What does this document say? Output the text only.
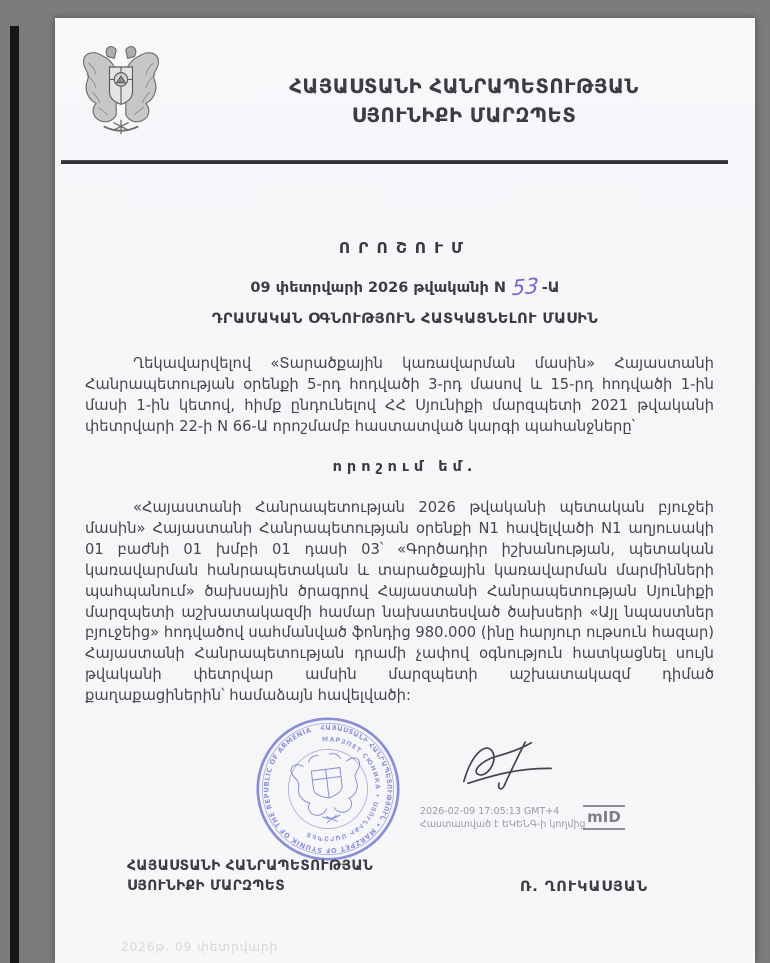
ՀԱՅԱՍՏԱՆԻ ՀԱՆՐԱՊԵՏՈՒԹՅԱՆ
ՍՅՈՒՆԻՔԻ ՄԱՐԶՊԵՏ
ՈՐՈՇՈՒՄ
09 փետրվարի 2026 թվականի N 53 -Ա
ԴՐԱՄԱԿԱՆ ՕԳՆՈՒԹՅՈՒՆ ՀԱՏԿԱՑՆԵԼՈՒ ՄԱՍԻՆ
Ղեկավարվելով «Տարածքային կառավարման մասին» Հայաստանի Հանրապետության օրենքի 5-րդ հոդվածի 3-րդ մասով և 15-րդ հոդվածի 1-ին մասի 1-ին կետով, հիմք ընդունելով ՀՀ Սյունիքի մարզպետի 2021 թվականի փետրվարի 22-ի N 66-Ա որոշմամբ հաստատված կարգի պահանջները՝
որոշում եմ.
«Հայաստանի Հանրապետության 2026 թվականի պետական բյուջեի մասին» Հայաստանի Հանրապետության օրենքի N1 հավելվածի N1 աղյուսակի 01 բաժնի 01 խմբի 01 դասի 03՝ «Գործադիր իշխանության, պետական կառավարման հանրապետական և տարածքային կառավարման մարմինների պահպանում» ծախսային ծրագրով Հայաստանի Հանրապետության Սյունիքի մարզպետի աշխատակազմի համար նախատեսված ծախսերի «Այլ նպաստներ բյուջեից» հոդվածով սահմանված ֆոնդից 980.000 (ինը հարյուր ութսուն հազար) Հայաստանի Հանրապետության դրամի չափով օգնություն հատկացնել սույն թվականի փետրվար ամսին մարզպետի աշխատակազմ դիմած քաղաքացիներին՝ համաձայն հավելվածի:
ՀԱՅԱՍՏԱՆԻ ՀԱՆՐԱՊԵՏՈՒԹՅՈՒՆ • MARZPET OF SYUNIK OF THE REPUBLIC OF ARMENIA
МАРЗПЕТ СЮНИКА • ՍՅՈՒՆԻՔԻ ՄԱՐԶՊԵՏ
2026-02-09 17:05:13 GMT+4
Հաստատված է ԵԿԵՆԳ-ի կողմից mID
ՀԱՅԱՍՏԱՆԻ ՀԱՆՐԱՊԵՏՈՒԹՅԱՆ
ՍՅՈՒՆԻՔԻ ՄԱՐԶՊԵՏ	Ռ. ՂՈՒԿԱՍՅԱՆ
2026թ. 09 փետրվարի
